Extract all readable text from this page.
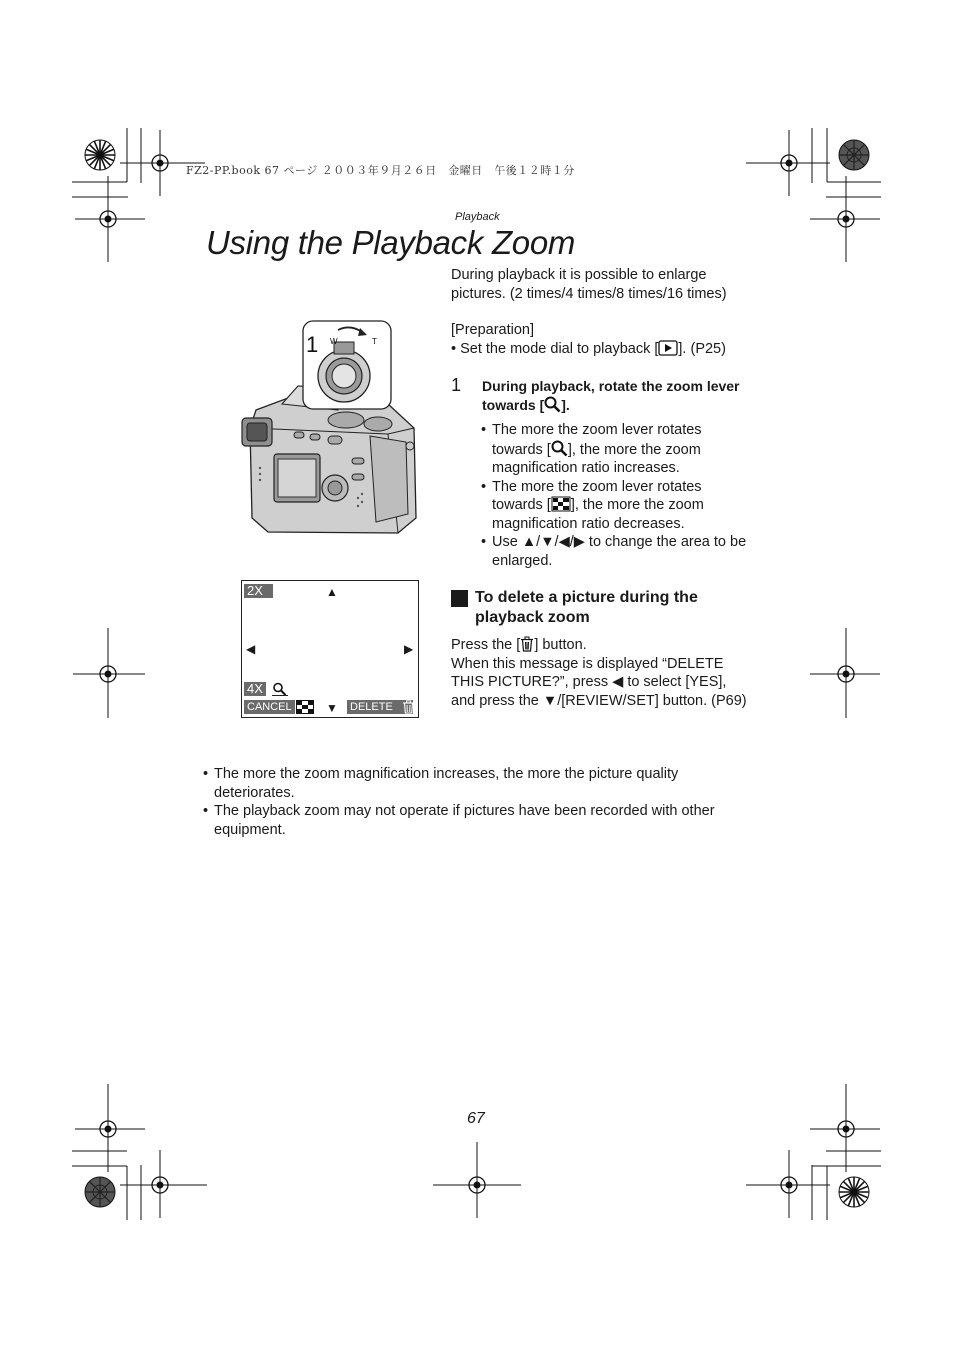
FZ2-PP.book 67 ページ ２００３年９月２６日　金曜日　午後１２時１分
Playback
Using the Playback Zoom
During playback it is possible to enlarge pictures. (2 times/4 times/8 times/16 times)
[Preparation]
• Set the mode dial to playback [ ]. (P25)
1 During playback, rotate the zoom lever towards [ ].
• The more the zoom lever rotates towards [ ], the more the zoom magnification ratio increases.
• The more the zoom lever rotates towards [ ], the more the zoom magnification ratio decreases.
• Use ▲/▼/◀/▶ to change the area to be enlarged.
To delete a picture during the playback zoom
Press the [ ] button.
When this message is displayed “DELETE THIS PICTURE?”, press ◀ to select [YES], and press the ▼/[REVIEW/SET] button. (P69)
• The more the zoom magnification increases, the more the picture quality deteriorates.
• The playback zoom may not operate if pictures have been recorded with other equipment.
1 W	T
2X	▲
◀	▶
4X
CANCEL	▼ DELETE
67
